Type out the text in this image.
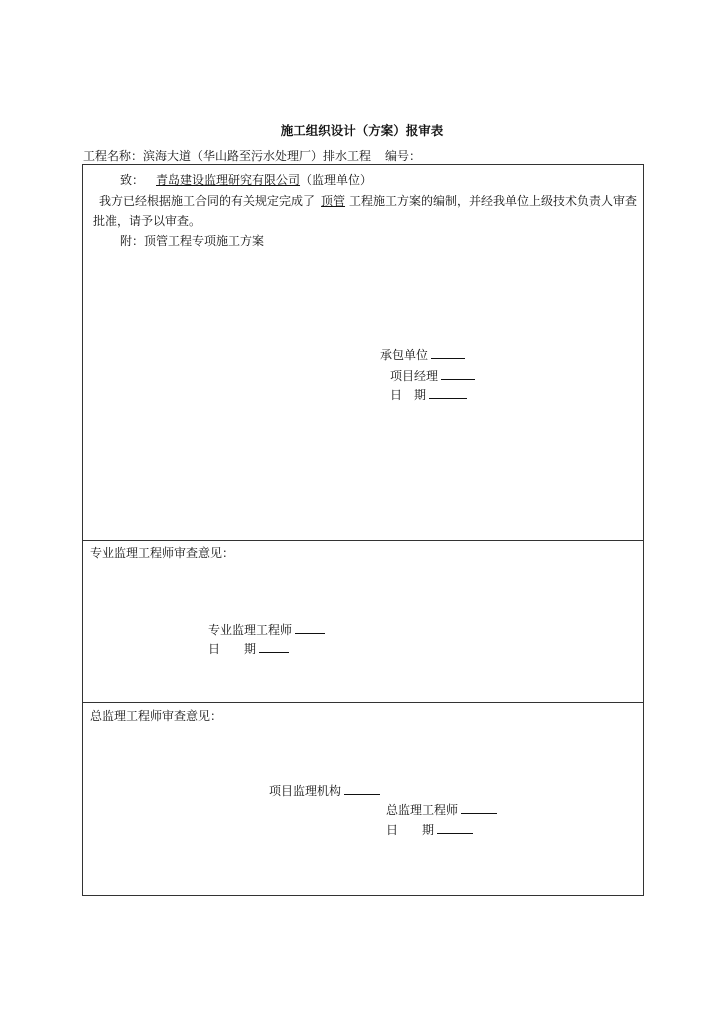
施工组织设计（方案）报审表
工程名称：滨海大道（华山路至污水处理厂）排水工程 编号：
致： 青岛建设监理研究有限公司（监理单位）
我方已经根据施工合同的有关规定完成了 顶管 工程施工方案的编制，并经我单位上级技术负责人审查批准，请予以审查。
附：顶管工程专项施工方案
承包单位
项目经理
日　期
专业监理工程师审查意见：
专业监理工程师
日　　期
总监理工程师审查意见：
项目监理机构
总监理工程师
日　　期
